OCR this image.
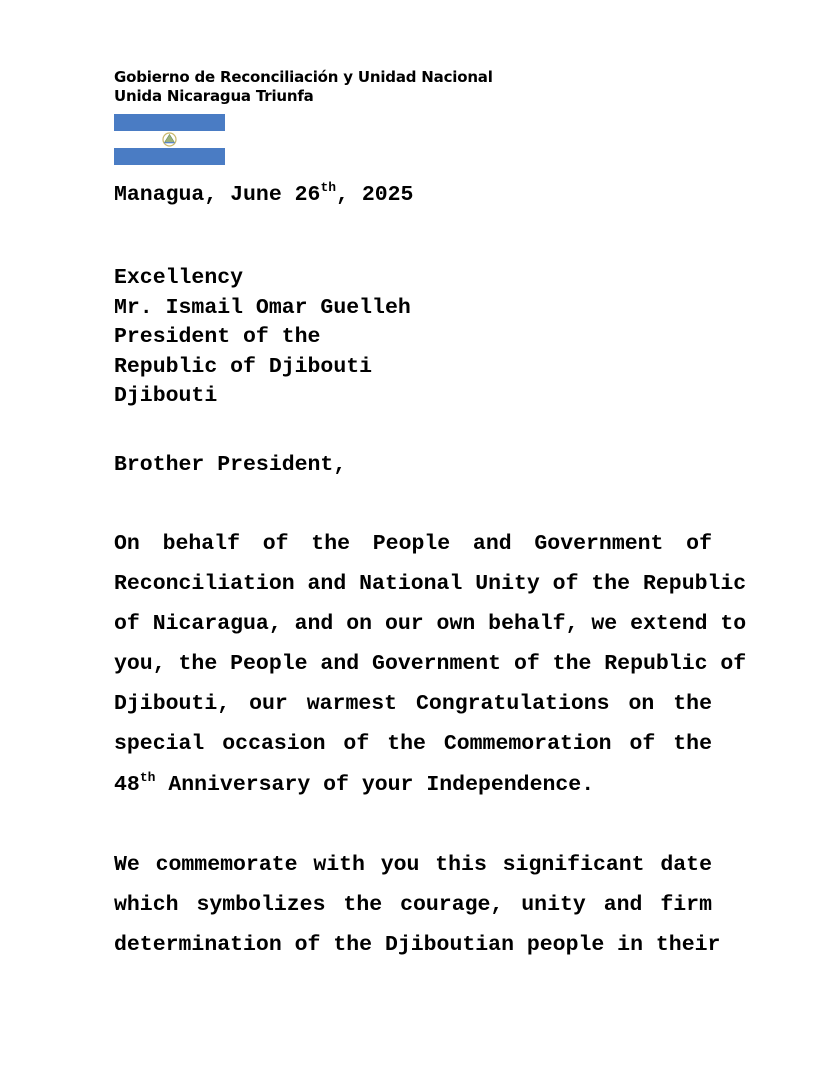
Gobierno de Reconciliación y Unidad Nacional
Unida Nicaragua Triunfa
Managua, June 26th, 2025
Excellency
Mr. Ismail Omar Guelleh
President of the
Republic of Djibouti
Djibouti
Brother President,
On behalf of the People and Government of
Reconciliation and National Unity of the Republic
of Nicaragua, and on our own behalf, we extend to
you, the People and Government of the Republic of
Djibouti, our warmest Congratulations on the
special occasion of the Commemoration of the
48th Anniversary of your Independence.
We commemorate with you this significant date
which symbolizes the courage, unity and firm
determination of the Djiboutian people in their
